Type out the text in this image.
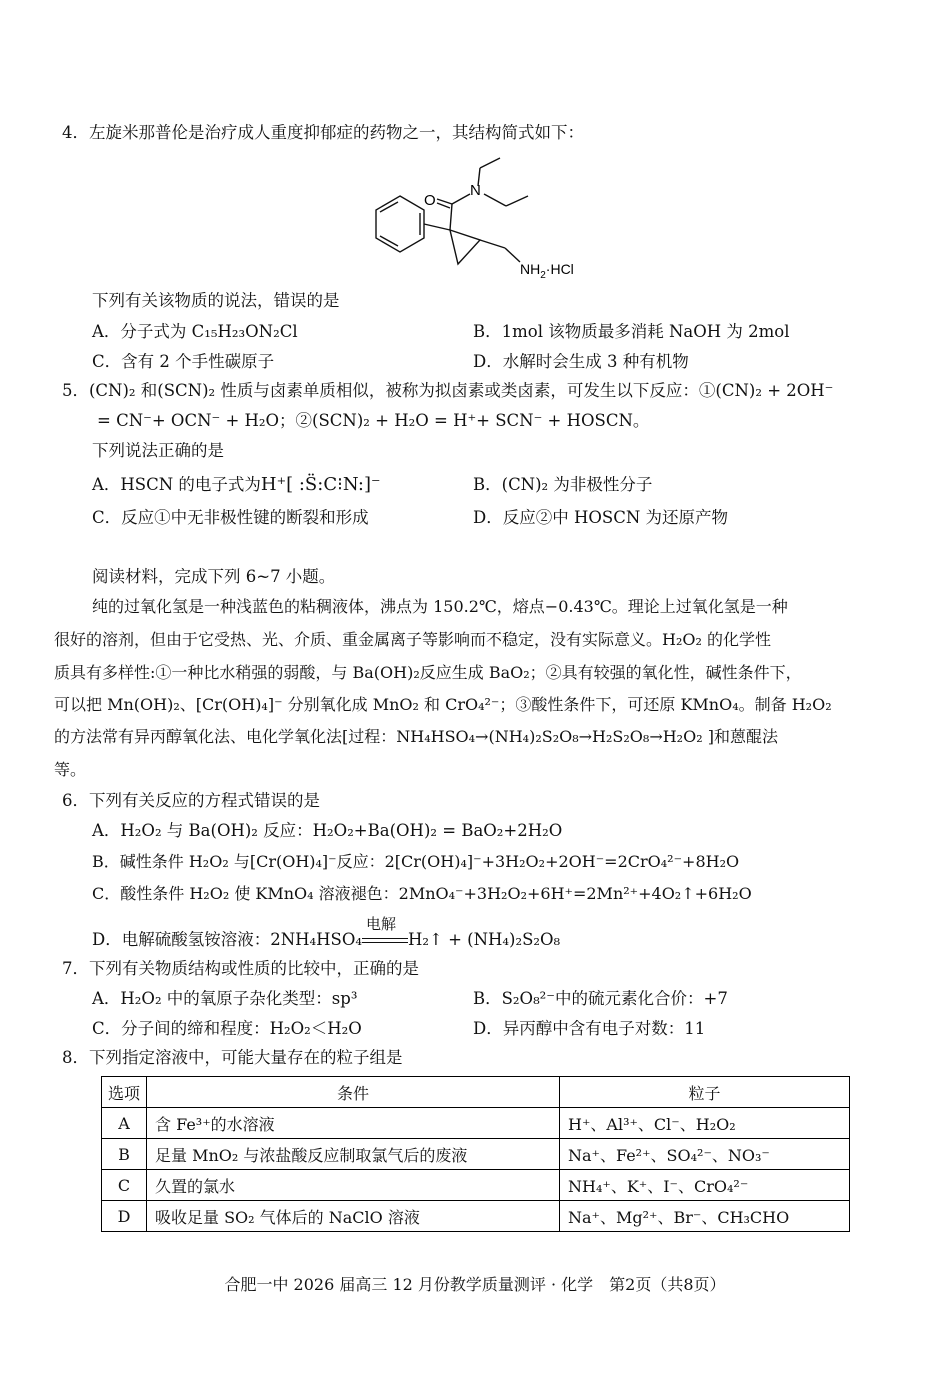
4．左旋米那普伦是治疗成人重度抑郁症的药物之一，其结构简式如下：
O
N
$NH_2\cdot HCl$
下列有关该物质的说法，错误的是
A．分子式为 C₁₅H₂₃ON₂Cl	B．1mol 该物质最多消耗 NaOH 为 2mol
C．含有 2 个手性碳原子	D．水解时会生成 3 种有机物
5．(CN)₂ 和(SCN)₂ 性质与卤素单质相似，被称为拟卤素或类卤素，可发生以下反应：①(CN)₂ + 2OH⁻
= CN⁻+ OCN⁻ + H₂O；②(SCN)₂ + H₂O = H⁺+ SCN⁻ + HOSCN。
下列说法正确的是
A．HSCN 的电子式为H⁺[ :S̈:C⁝N:]⁻	B．(CN)₂ 为非极性分子
C．反应①中无非极性键的断裂和形成	D．反应②中 HOSCN 为还原产物
阅读材料，完成下列 6~7 小题。
纯的过氧化氢是一种浅蓝色的粘稠液体，沸点为 150.2℃，熔点−0.43℃。理论上过氧化氢是一种
很好的溶剂，但由于它受热、光、介质、重金属离子等影响而不稳定，没有实际意义。H₂O₂ 的化学性
质具有多样性:①一种比水稍强的弱酸，与 Ba(OH)₂反应生成 BaO₂；②具有较强的氧化性，碱性条件下，
可以把 Mn(OH)₂、[Cr(OH)₄]⁻ 分别氧化成 MnO₂ 和 CrO₄²⁻；③酸性条件下，可还原 KMnO₄。制备 H₂O₂
的方法常有异丙醇氧化法、电化学氧化法[过程：NH₄HSO₄→(NH₄)₂S₂O₈→H₂S₂O₈→H₂O₂ ]和蒽醌法
等。
6．下列有关反应的方程式错误的是
A．H₂O₂ 与 Ba(OH)₂ 反应：H₂O₂+Ba(OH)₂ = BaO₂+2H₂O
B．碱性条件 H₂O₂ 与[Cr(OH)₄]⁻反应：2[Cr(OH)₄]⁻+3H₂O₂+2OH⁻=2CrO₄²⁻+8H₂O
C．酸性条件 H₂O₂ 使 KMnO₄ 溶液褪色：2MnO₄⁻+3H₂O₂+6H⁺=2Mn²⁺+4O₂↑+6H₂O
D．电解硫酸氢铵溶液：2NH₄HSO₄
电解
H₂↑ + (NH₄)₂S₂O₈
7．下列有关物质结构或性质的比较中，正确的是
A．H₂O₂ 中的氧原子杂化类型：sp³	B．S₂O₈²⁻中的硫元素化合价：+7
C．分子间的缔和程度：H₂O₂＜H₂O	D．异丙醇中含有电子对数：11
8．下列指定溶液中，可能大量存在的粒子组是
选项	条件	粒子
A	含 Fe³⁺的水溶液	H⁺、Al³⁺、Cl⁻、H₂O₂
B	足量 MnO₂ 与浓盐酸反应制取氯气后的废液	Na⁺、Fe²⁺、SO₄²⁻、NO₃⁻
C	久置的氯水	NH₄⁺、K⁺、I⁻、CrO₄²⁻
D	吸收足量 SO₂ 气体后的 NaClO 溶液	Na⁺、Mg²⁺、Br⁻、CH₃CHO
合肥一中 2026 届高三 12 月份教学质量测评 · 化学　第2页（共8页）
